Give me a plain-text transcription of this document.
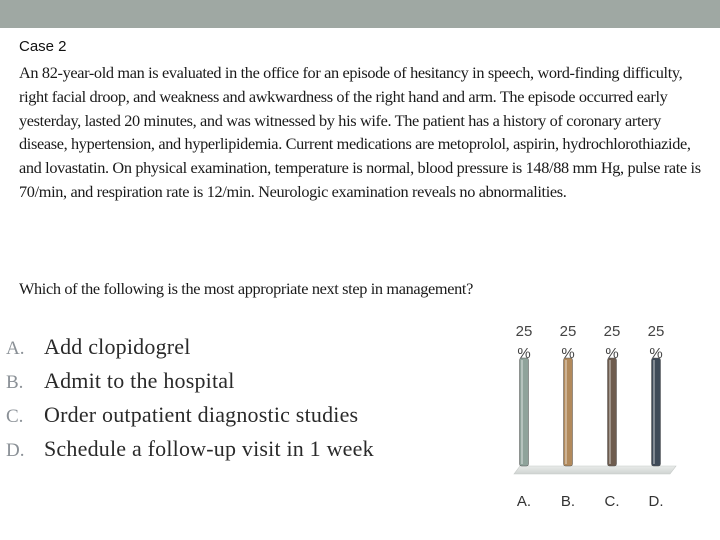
Case 2

An 82-year-old man is evaluated in the office for an episode of hesitancy in speech, word-finding difficulty, right facial droop, and weakness and awkwardness of the right hand and arm. The episode occurred early yesterday, lasted 20 minutes, and was witnessed by his wife. The patient has a history of coronary artery disease, hypertension, and hyperlipidemia. Current medications are metoprolol, aspirin, hydrochlorothiazide, and lovastatin. On physical examination, temperature is normal, blood pressure is 148/88 mm Hg, pulse rate is 70/min, and respiration rate is 12/min. Neurologic examination reveals no abnormalities.

Which of the following is the most appropriate next step in management?

A. Add clopidogrel
B. Admit to the hospital
C. Order outpatient diagnostic studies
D. Schedule a follow-up visit in 1 week
25
%
A.
25
%
B.
25
%
C.
25
%
D.
